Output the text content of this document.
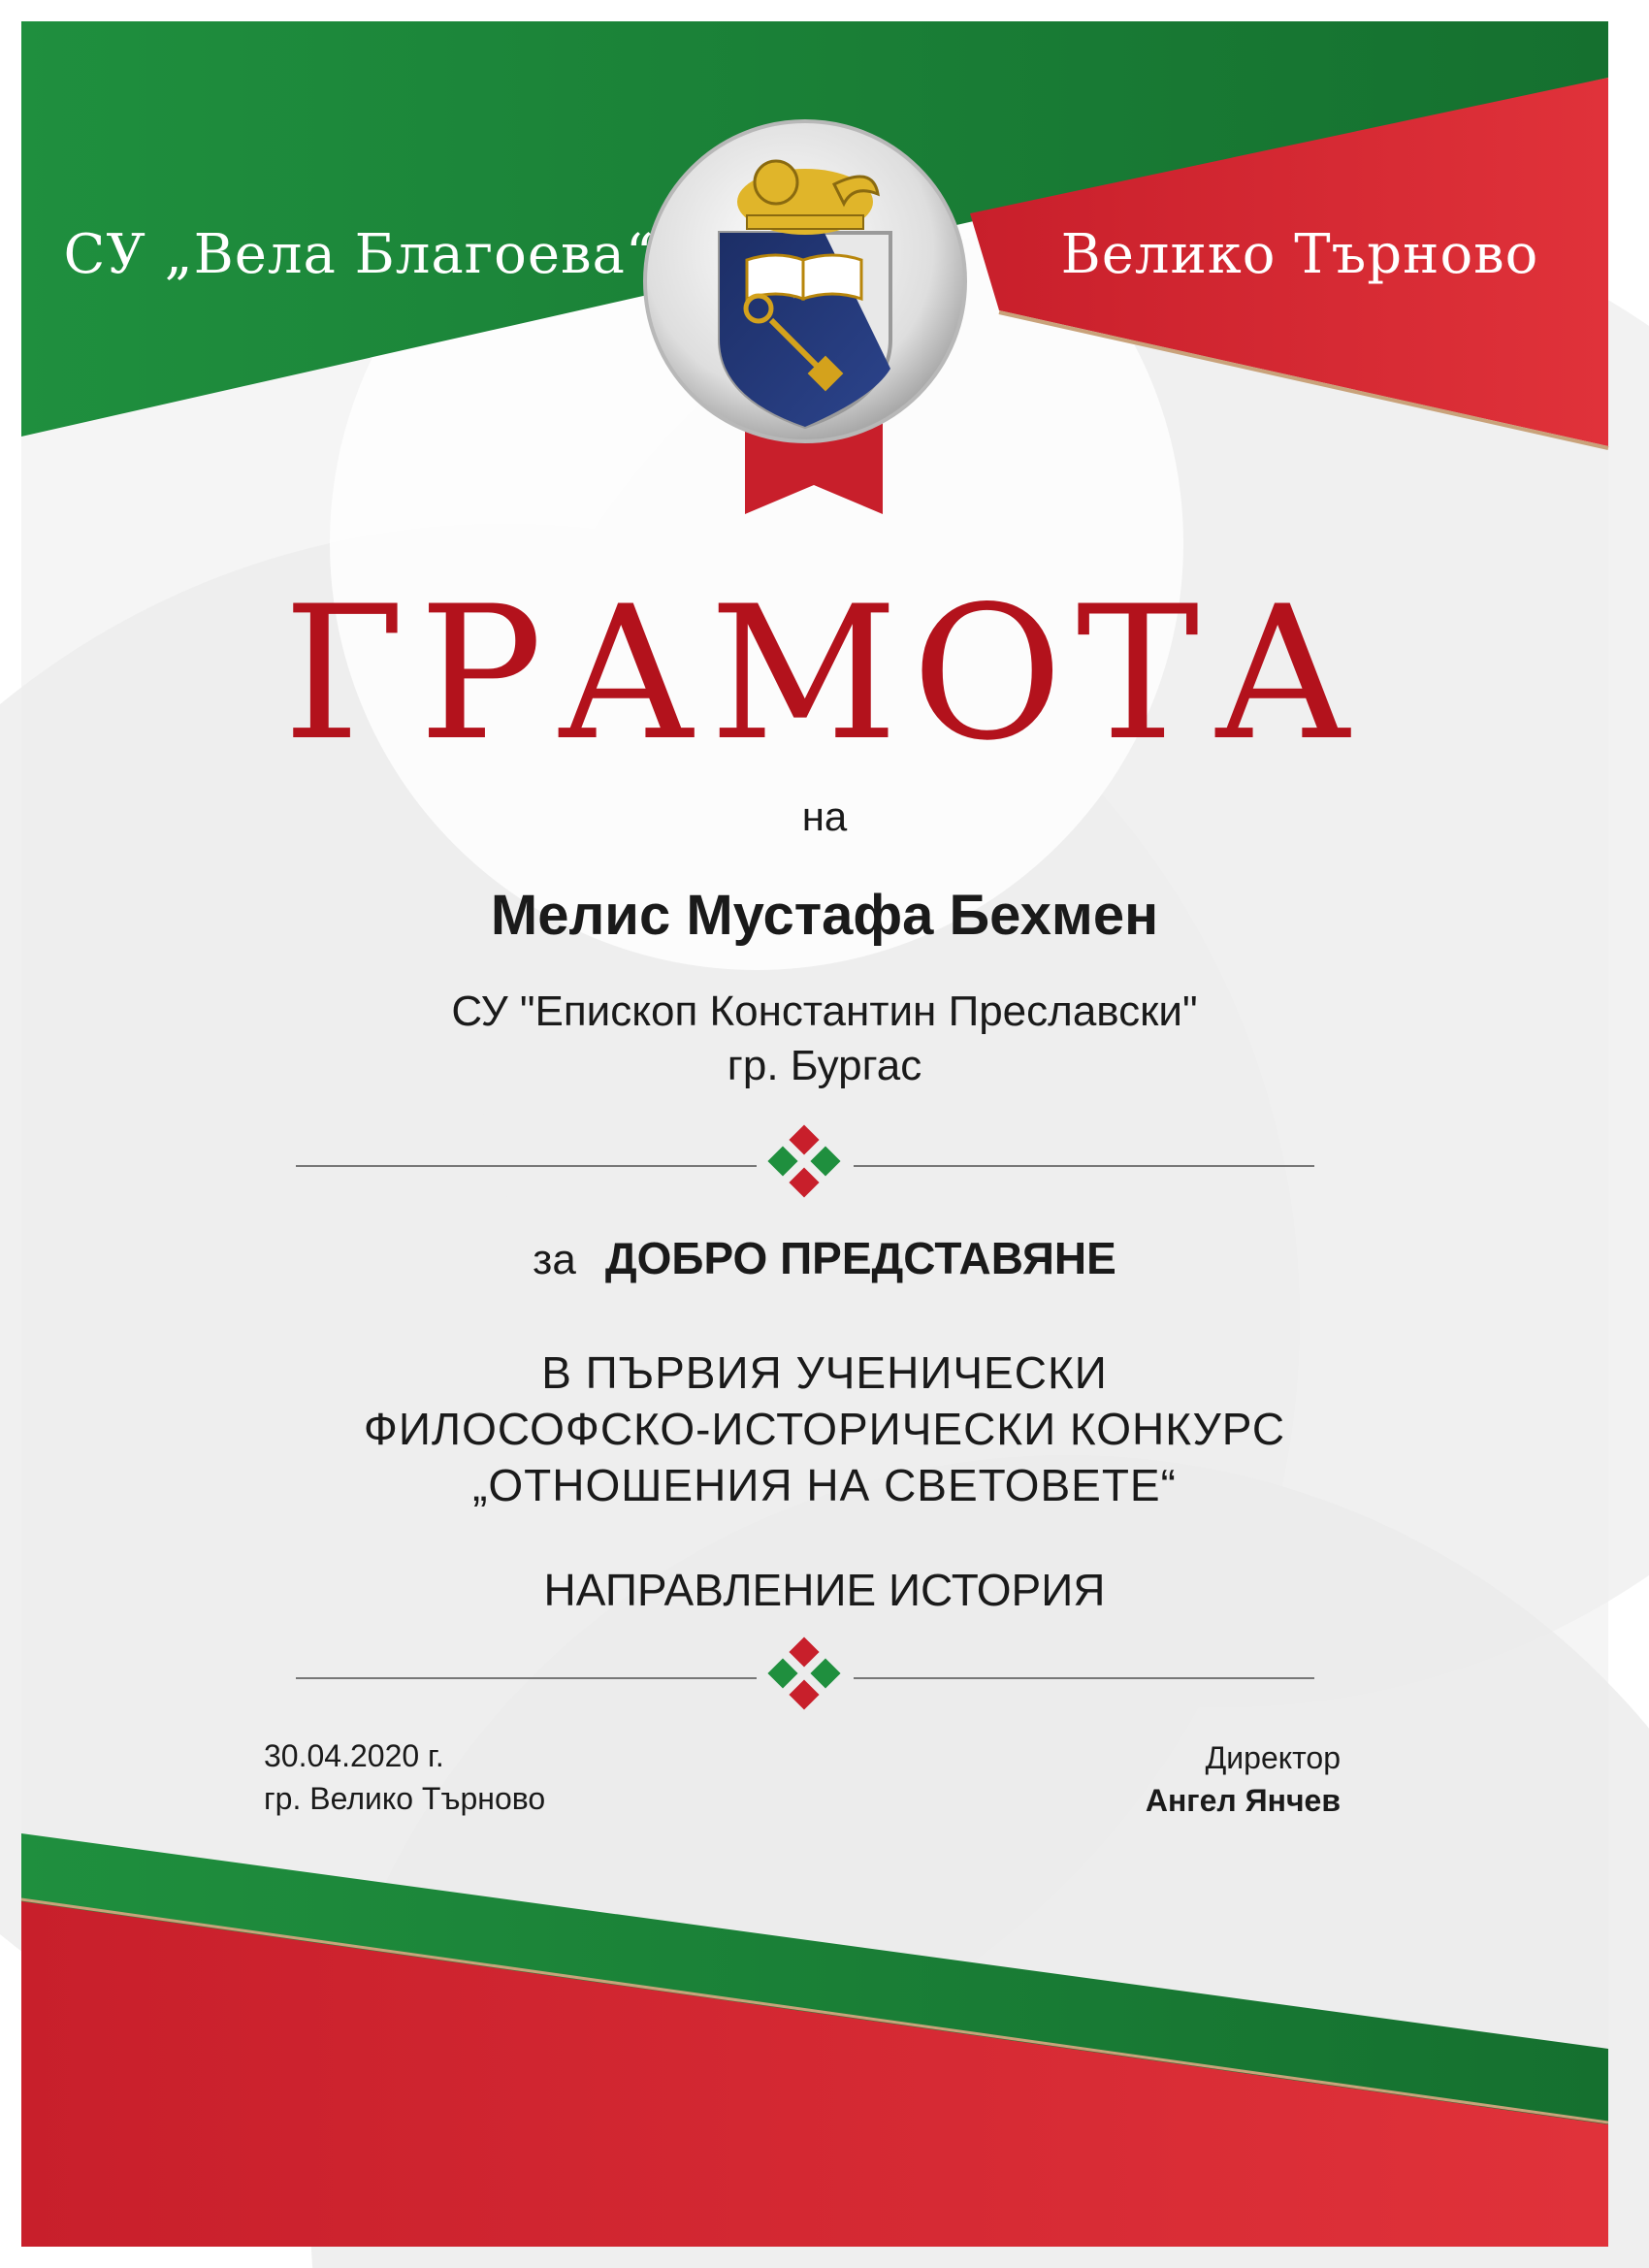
СУ „Вела Благоева“	Велико Търново
ГРАМОТА
на
Мелис Мустафа Бехмен
СУ "Епископ Константин Преславски"
гр. Бургас
за ДОБРО ПРЕДСТАВЯНЕ
В ПЪРВИЯ УЧЕНИЧЕСКИ
ФИЛОСОФСКО-ИСТОРИЧЕСКИ КОНКУРС
„ОТНОШЕНИЯ НА СВЕТОВЕТЕ“
НАПРАВЛЕНИЕ ИСТОРИЯ
30.04.2020 г.
гр. Велико Търново
Директор
Ангел Янчев
